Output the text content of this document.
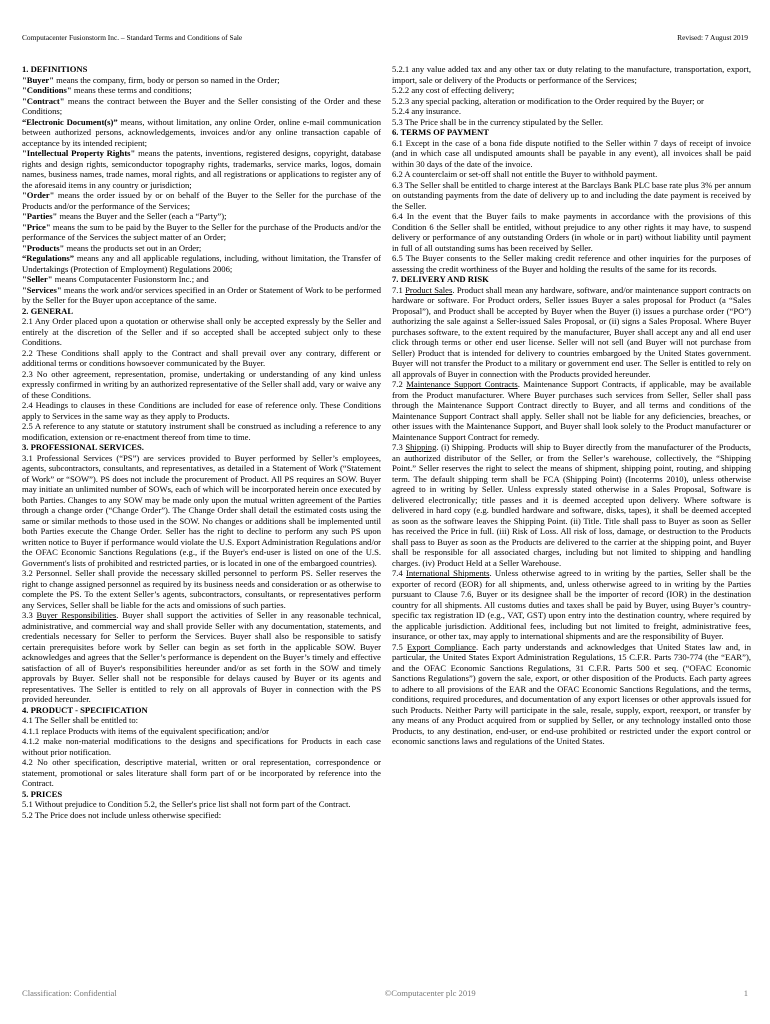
Computacenter Fusionstorm Inc. – Standard Terms and Conditions of Sale	Revised: 7 August 2019

1. DEFINITIONS

"Buyer" means the company, firm, body or person so named in the Order;

"Conditions" means these terms and conditions;

"Contract" means the contract between the Buyer and the Seller consisting of the Order and these Conditions;

“Electronic Document(s)” means, without limitation, any online Order, online e-mail communication between authorized persons, acknowledgements, invoices and/or any online transaction capable of acceptance by its intended recipient;

"Intellectual Property Rights" means the patents, inventions, registered designs, copyright, database rights and design rights, semiconductor topography rights, trademarks, service marks, logos, domain names, business names, trade names, moral rights, and all registrations or applications to register any of the aforesaid items in any country or jurisdiction;

"Order" means the order issued by or on behalf of the Buyer to the Seller for the purchase of the Products and/or the performance of the Services;

"Parties" means the Buyer and the Seller (each a “Party”);

"Price" means the sum to be paid by the Buyer to the Seller for the purchase of the Products and/or the performance of the Services the subject matter of an Order;

"Products" means the products set out in an Order;

“Regulations” means any and all applicable regulations, including, without limitation, the Transfer of Undertakings (Protection of Employment) Regulations 2006;

"Seller" means Computacenter Fusionstorm Inc.; and

"Services" means the work and/or services specified in an Order or Statement of Work to be performed by the Seller for the Buyer upon acceptance of the same.

2. GENERAL

2.1 Any Order placed upon a quotation or otherwise shall only be accepted expressly by the Seller and entirely at the discretion of the Seller and if so accepted shall be accepted subject only to these Conditions.

2.2 These Conditions shall apply to the Contract and shall prevail over any contrary, different or additional terms or conditions howsoever communicated by the Buyer.

2.3 No other agreement, representation, promise, undertaking or understanding of any kind unless expressly confirmed in writing by an authorized representative of the Seller shall add, vary or waive any of these Conditions.

2.4 Headings to clauses in these Conditions are included for ease of reference only. These Conditions apply to Services in the same way as they apply to Products.

2.5 A reference to any statute or statutory instrument shall be construed as including a reference to any modification, extension or re-enactment thereof from time to time.

3. PROFESSIONAL SERVICES.

3.1 Professional Services (“PS”) are services provided to Buyer performed by Seller’s employees, agents, subcontractors, consultants, and representatives, as detailed in a Statement of Work (“Statement of Work” or “SOW”). PS does not include the procurement of Product. All PS requires an SOW. Buyer may initiate an unlimited number of SOWs, each of which will be incorporated herein once executed by both Parties. Changes to any SOW may be made only upon the mutual written agreement of the Parties through a change order (“Change Order”). The Change Order shall detail the estimated costs using the same or similar methods to those used in the SOW. No changes or additions shall be implemented until both Parties execute the Change Order. Seller has the right to decline to perform any such PS upon written notice to Buyer if performance would violate the U.S. Export Administration Regulations and/or the OFAC Economic Sanctions Regulations (e.g., if the Buyer's end-user is listed on one of the U.S. Government's lists of prohibited and restricted parties, or is located in one of the embargoed countries).

3.2 Personnel. Seller shall provide the necessary skilled personnel to perform PS. Seller reserves the right to change assigned personnel as required by its business needs and consideration or as otherwise to complete the PS. To the extent Seller’s agents, subcontractors, consultants, or representatives perform any Services, Seller shall be liable for the acts and omissions of such parties.

3.3 Buyer Responsibilities. Buyer shall support the activities of Seller in any reasonable technical, administrative, and commercial way and shall provide Seller with any documentation, statements, and credentials necessary for Seller to perform the Services. Buyer shall also be responsible to satisfy certain prerequisites before work by Seller can begin as set forth in the applicable SOW. Buyer acknowledges and agrees that the Seller’s performance is dependent on the Buyer’s timely and effective satisfaction of all of Buyer's responsibilities hereunder and/or as set forth in the SOW and timely approvals by Buyer. Seller shall not be responsible for delays caused by Buyer or its agents and representatives. The Seller is entitled to rely on all approvals of Buyer in connection with the PS provided hereunder.

4. PRODUCT - SPECIFICATION

4.1 The Seller shall be entitled to:

4.1.1 replace Products with items of the equivalent specification; and/or

4.1.2 make non-material modifications to the designs and specifications for Products in each case without prior notification.

4.2 No other specification, descriptive material, written or oral representation, correspondence or statement, promotional or sales literature shall form part of or be incorporated by reference into the Contract.

5. PRICES

5.1 Without prejudice to Condition 5.2, the Seller's price list shall not form part of the Contract.

5.2 The Price does not include unless otherwise specified:

5.2.1 any value added tax and any other tax or duty relating to the manufacture, transportation, export, import, sale or delivery of the Products or performance of the Services;

5.2.2 any cost of effecting delivery;

5.2.3 any special packing, alteration or modification to the Order required by the Buyer; or

5.2.4 any insurance.

5.3 The Price shall be in the currency stipulated by the Seller.

6. TERMS OF PAYMENT

6.1 Except in the case of a bona fide dispute notified to the Seller within 7 days of receipt of invoice (and in which case all undisputed amounts shall be payable in any event), all invoices shall be paid within 30 days of the date of the invoice.

6.2 A counterclaim or set-off shall not entitle the Buyer to withhold payment.

6.3 The Seller shall be entitled to charge interest at the Barclays Bank PLC base rate plus 3% per annum on outstanding payments from the date of delivery up to and including the date payment is received by the Seller.

6.4 In the event that the Buyer fails to make payments in accordance with the provisions of this Condition 6 the Seller shall be entitled, without prejudice to any other rights it may have, to suspend delivery or performance of any outstanding Orders (in whole or in part) without liability until payment in full of all outstanding sums has been received by Seller.

6.5 The Buyer consents to the Seller making credit reference and other inquiries for the purposes of assessing the credit worthiness of the Buyer and holding the results of the same for its records.

7. DELIVERY AND RISK

7.1 Product Sales. Product shall mean any hardware, software, and/or maintenance support contracts on hardware or software. For Product orders, Seller issues Buyer a sales proposal for Product (a “Sales Proposal”), and Product shall be accepted by Buyer when the Buyer (i) issues a purchase order (“PO”) authorizing the sale against a Seller-issued Sales Proposal, or (ii) signs a Sales Proposal. Where Buyer purchases software, to the extent required by the manufacturer, Buyer shall accept any and all end user click through terms or other end user license. Seller will not sell (and Buyer will not purchase from Seller) Product that is intended for delivery to countries embargoed by the United States government. Buyer will not transfer the Product to a military or government end user. The Seller is entitled to rely on all approvals of Buyer in connection with the Products provided hereunder.

7.2 Maintenance Support Contracts. Maintenance Support Contracts, if applicable, may be available from the Product manufacturer. Where Buyer purchases such services from Seller, Seller shall pass through the Maintenance Support Contract directly to Buyer, and all terms and conditions of the Maintenance Support Contract shall apply. Seller shall not be liable for any deficiencies, breaches, or other issues with the Maintenance Support, and Buyer shall look solely to the Product manufacturer or Maintenance Support Contract for remedy.

7.3 Shipping. (i) Shipping. Products will ship to Buyer directly from the manufacturer of the Products, an authorized distributor of the Seller, or from the Seller’s warehouse, collectively, the “Shipping Point.” Seller reserves the right to select the means of shipment, shipping point, routing, and shipping term. The default shipping term shall be FCA (Shipping Point) (Incoterms 2010), unless otherwise agreed to in writing by Seller. Unless expressly stated otherwise in a Sales Proposal, Software is delivered electronically; title passes and it is deemed accepted upon delivery. Where software is delivered in hard copy (e.g. bundled hardware and software, disks, tapes), it shall be deemed accepted as soon as the software leaves the Shipping Point. (ii) Title. Title shall pass to Buyer as soon as Seller has received the Price in full. (iii) Risk of Loss. All risk of loss, damage, or destruction to the Products shall pass to Buyer as soon as the Products are delivered to the carrier at the shipping point, and Buyer shall be responsible for all associated charges, including but not limited to shipping and handling charges. (iv) Product Held at a Seller Warehouse.

7.4 International Shipments. Unless otherwise agreed to in writing by the parties, Seller shall be the exporter of record (EOR) for all shipments, and, unless otherwise agreed to in writing by the Parties pursuant to Clause 7.6, Buyer or its designee shall be the importer of record (IOR) in the destination country for all shipments. All customs duties and taxes shall be paid by Buyer, using Buyer’s country-specific tax registration ID (e.g., VAT, GST) upon entry into the destination country, where required by the applicable jurisdiction. Additional fees, including but not limited to freight, administrative fees, insurance, or other tax, may apply to international shipments and are the responsibility of Buyer.

7.5 Export Compliance. Each party understands and acknowledges that United States law and, in particular, the United States Export Administration Regulations, 15 C.F.R. Parts 730-774 (the “EAR”), and the OFAC Economic Sanctions Regulations, 31 C.F.R. Parts 500 et seq. (“OFAC Economic Sanctions Regulations”) govern the sale, export, or other disposition of the Products. Each party agrees to adhere to all provisions of the EAR and the OFAC Economic Sanctions Regulations, and the terms, conditions, required procedures, and documentation of any export licenses or other approvals issued for such Products. Neither Party will participate in the sale, resale, supply, export, reexport, or transfer by any means of any Product acquired from or supplied by Seller, or any technology installed onto those Products, to any destination, end-user, or end-use prohibited or restricted under the export control or economic sanctions laws and regulations of the United States.

Classification: Confidential	©Computacenter plc 2019	1
